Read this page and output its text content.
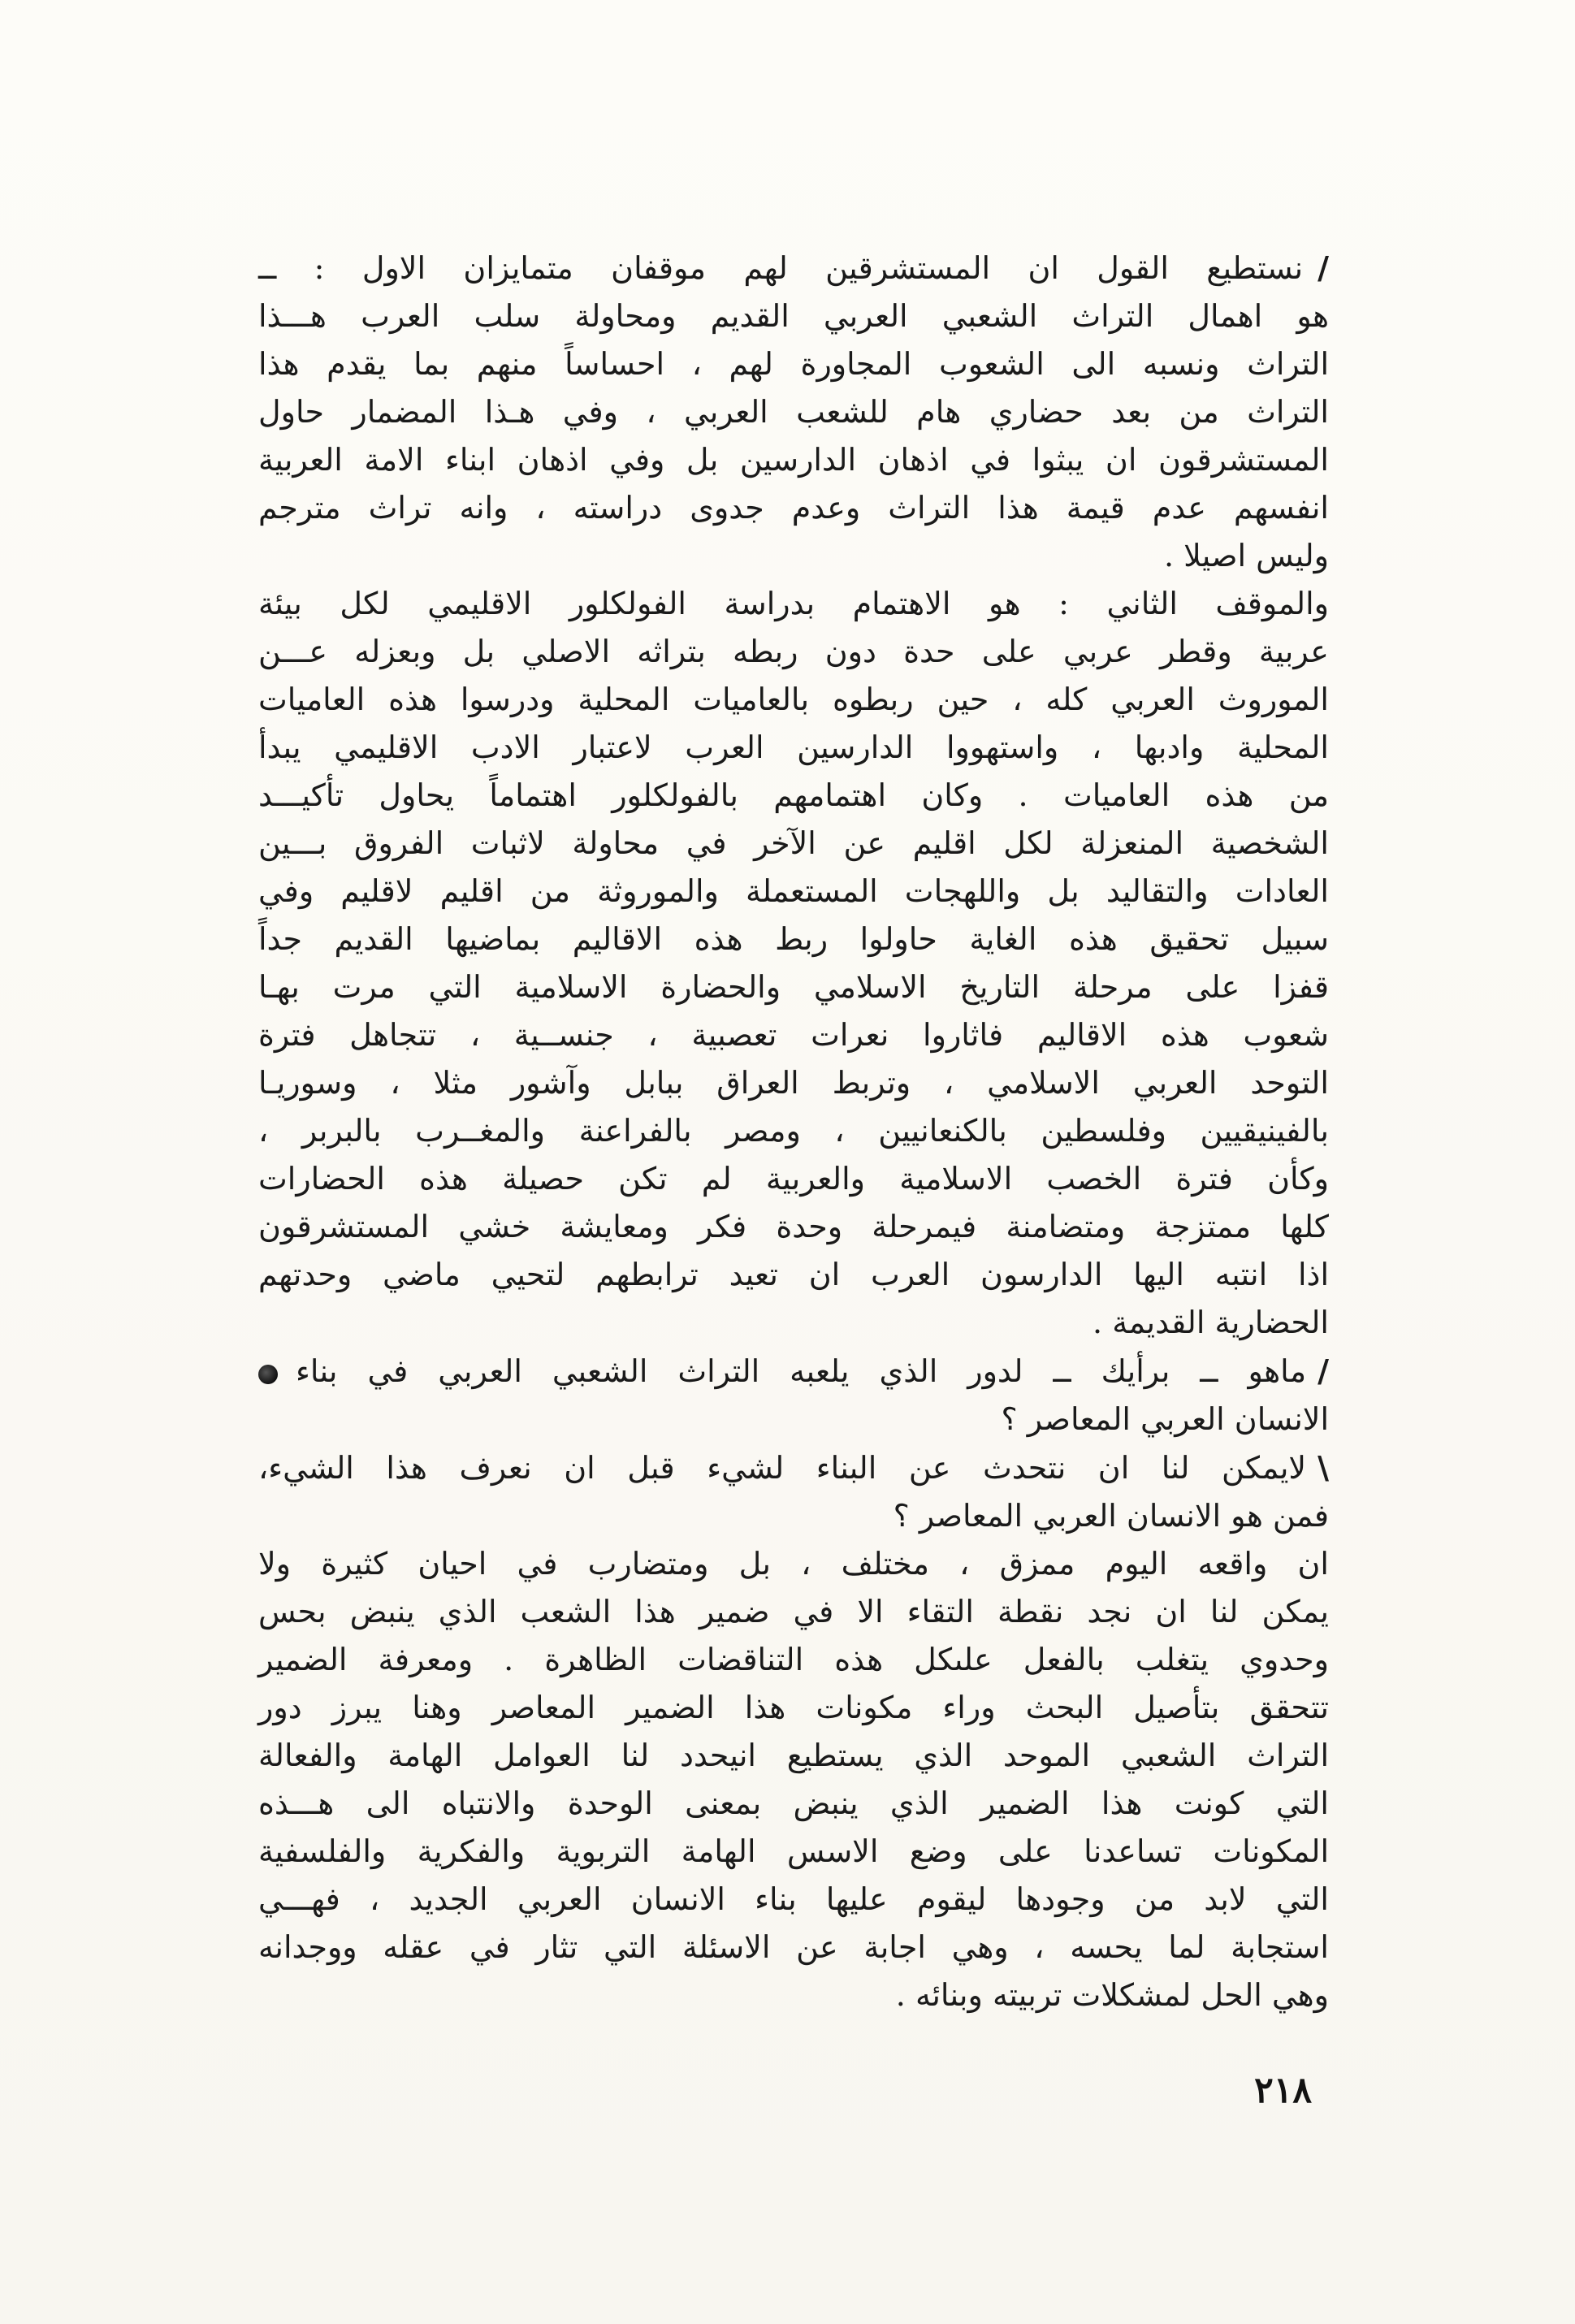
/نستطيع القول ان المستشرقين لهم موقفان متمايزان الاول : ــ
هو اهمال التراث الشعبي العربي القديم ومحاولة سلب العرب هـــذا
التراث ونسبه الى الشعوب المجاورة لهم ، احساساً منهم بما يقدم هذا
التراث من بعد حضاري هام للشعب العربي ، وفي هـذا المضمار حاول
المستشرقون ان يبثوا في اذهان الدارسين بل وفي اذهان ابناء الامة العربية
انفسهم عدم قيمة هذا التراث وعدم جدوى دراسته ، وانه تراث مترجم
وليس اصيلا .
والموقف الثاني : هو الاهتمام بدراسة الفولكلور الاقليمي لكل بيئة
عربية وقطر عربي على حدة دون ربطه بتراثه الاصلي بل وبعزله عـــن
الموروث العربي كله ، حين ربطوه بالعاميات المحلية ودرسوا هذه العاميات
المحلية وادبها ، واستهووا الدارسين العرب لاعتبار الادب الاقليمي يبدأ
من هذه العاميات . وكان اهتمامهم بالفولكلور اهتماماً يحاول تأكيـــد
الشخصية المنعزلة لكل اقليم عن الآخر في محاولة لاثبات الفروق بـــين
العادات والتقاليد بل واللهجات المستعملة والموروثة من اقليم لاقليم وفي
سبيل تحقيق هذه الغاية حاولوا ربط هذه الاقاليم بماضيها القديم جداً
قفزا على مرحلة التاريخ الاسلامي والحضارة الاسلامية التي مرت بهـا
شعوب هذه الاقاليم فاثاروا نعرات تعصبية ، جنســية ، تتجاهل فترة
التوحد العربي الاسلامي ، وتربط العراق ببابل وآشور مثلا ، وسوريـا
بالفينيقيين وفلسطين بالكنعانيين ، ومصر بالفراعنة والمغــرب بالبربر ،
وكأن فترة الخصب الاسلامية والعربية لم تكن حصيلة هذه الحضارات
كلها ممتزجة ومتضامنة فيمرحلة وحدة فكر ومعايشة خشي المستشرقون
اذا انتبه اليها الدارسون العرب ان تعيد ترابطهم لتحيي ماضي وحدتهم
الحضارية القديمة .
/ماهو ــ برأيك ــ لدور الذي يلعبه التراث الشعبي العربي في بناء
الانسان العربي المعاصر ؟
\لايمكن لنا ان نتحدث عن البناء لشيء قبل ان نعرف هذا الشيء،
فمن هو الانسان العربي المعاصر ؟
ان واقعه اليوم ممزق ، مختلف ، بل ومتضارب في احيان كثيرة ولا
يمكن لنا ان نجد نقطة التقاء الا في ضمير هذا الشعب الذي ينبض بحس
وحدوي يتغلب بالفعل علىكل هذه التناقضات الظاهرة . ومعرفة الضمير
تتحقق بتأصيل البحث وراء مكونات هذا الضمير المعاصر وهنا يبرز دور
التراث الشعبي الموحد الذي يستطيع انيحدد لنا العوامل الهامة والفعالة
التي كونت هذا الضمير الذي ينبض بمعنى الوحدة والانتباه الى هـــذه
المكونات تساعدنا على وضع الاسس الهامة التربوية والفكرية والفلسفية
التي لابد من وجودها ليقوم عليها بناء الانسان العربي الجديد ، فهـــي
استجابة لما يحسه ، وهي اجابة عن الاسئلة التي تثار في عقله ووجدانه
وهي الحل لمشكلات تربيته وبنائه .
٢١٨
